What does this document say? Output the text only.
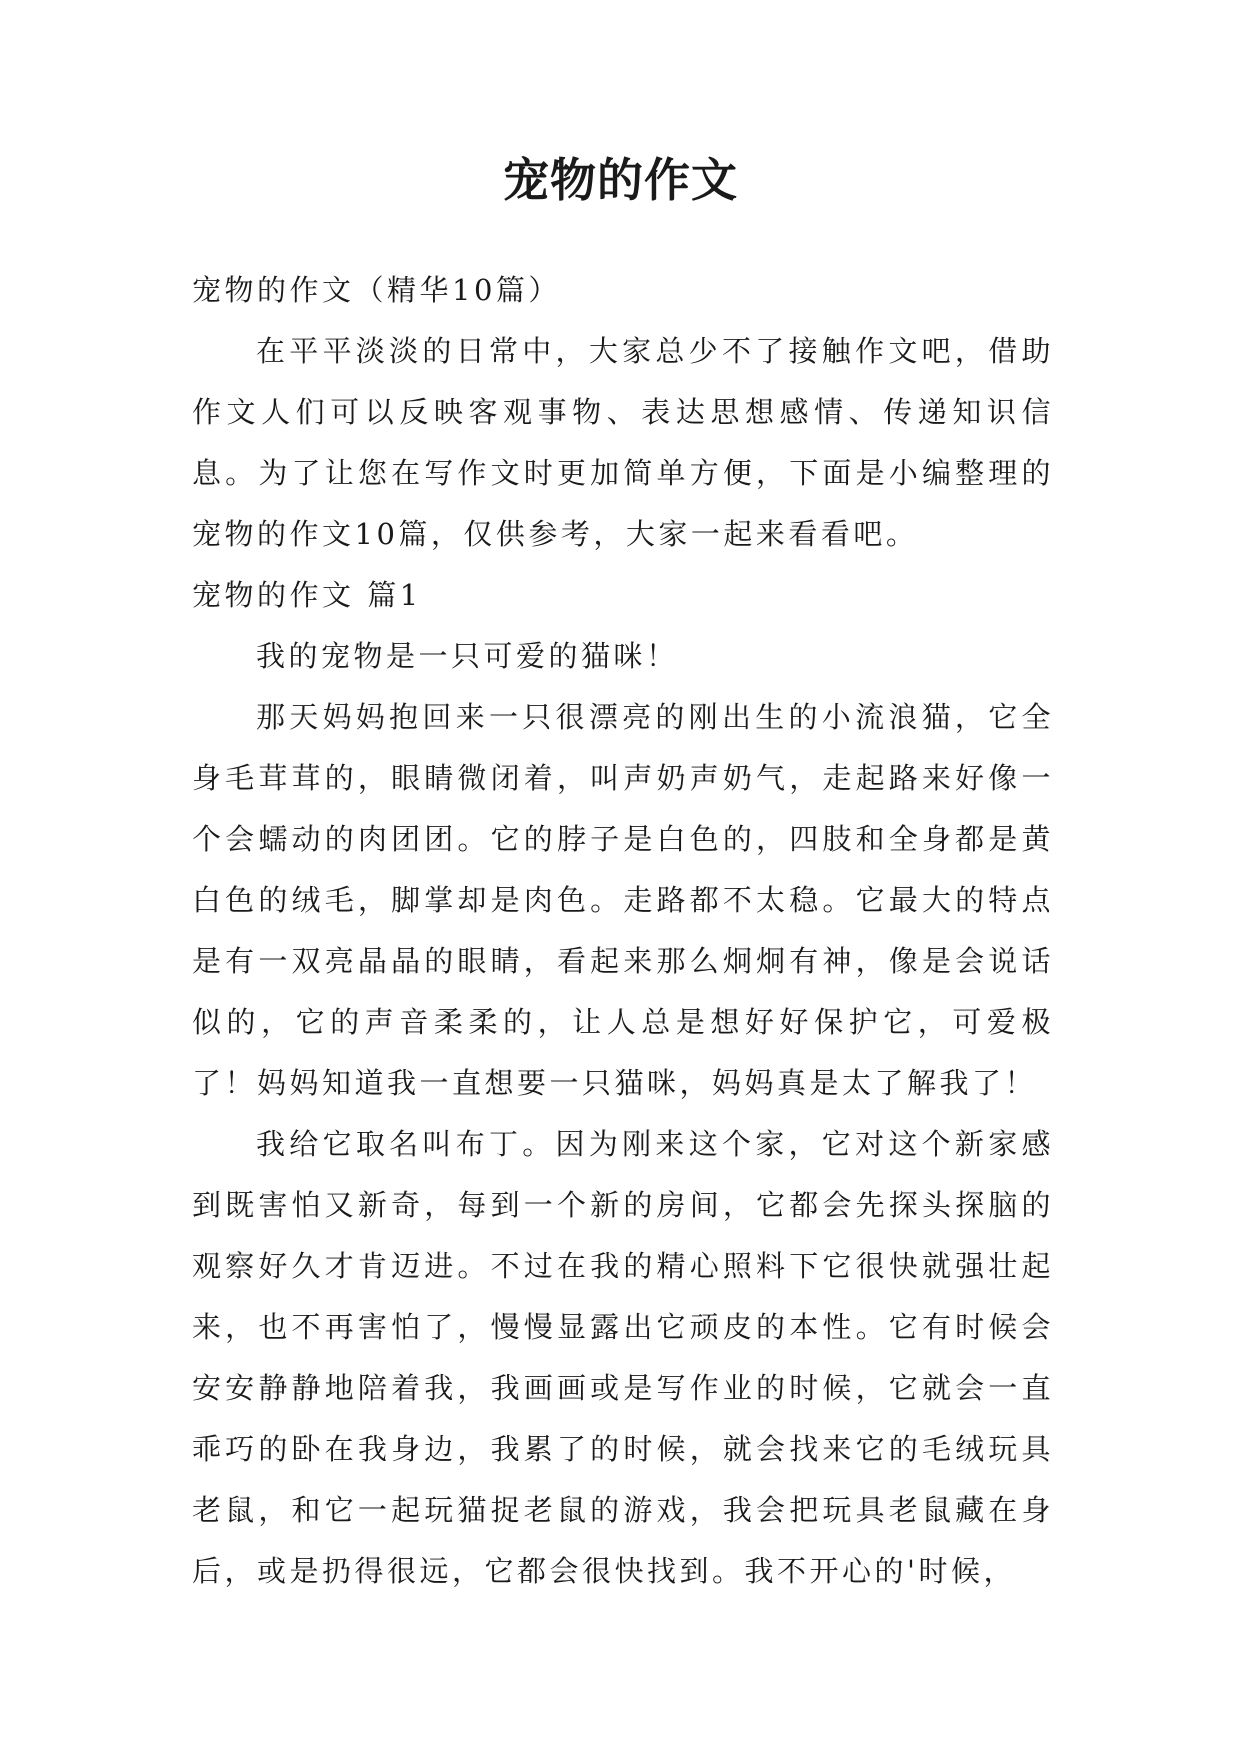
宠物的作文

宠物的作文（精华10篇）

在平平淡淡的日常中，大家总少不了接触作文吧，借助作文人们可以反映客观事物、表达思想感情、传递知识信息。为了让您在写作文时更加简单方便，下面是小编整理的宠物的作文10篇，仅供参考，大家一起来看看吧。

宠物的作文 篇1

我的宠物是一只可爱的猫咪！

那天妈妈抱回来一只很漂亮的刚出生的小流浪猫，它全身毛茸茸的，眼睛微闭着，叫声奶声奶气，走起路来好像一个会蠕动的肉团团。它的脖子是白色的，四肢和全身都是黄白色的绒毛，脚掌却是肉色。走路都不太稳。它最大的特点是有一双亮晶晶的眼睛，看起来那么炯炯有神，像是会说话似的，它的声音柔柔的，让人总是想好好保护它，可爱极了！妈妈知道我一直想要一只猫咪，妈妈真是太了解我了！

我给它取名叫布丁。因为刚来这个家，它对这个新家感到既害怕又新奇，每到一个新的房间，它都会先探头探脑的观察好久才肯迈进。不过在我的精心照料下它很快就强壮起来，也不再害怕了，慢慢显露出它顽皮的本性。它有时候会安安静静地陪着我，我画画或是写作业的时候，它就会一直乖巧的卧在我身边，我累了的时候，就会找来它的毛绒玩具老鼠，和它一起玩猫捉老鼠的游戏，我会把玩具老鼠藏在身后，或是扔得很远，它都会很快找到。我不开心的'时候，
